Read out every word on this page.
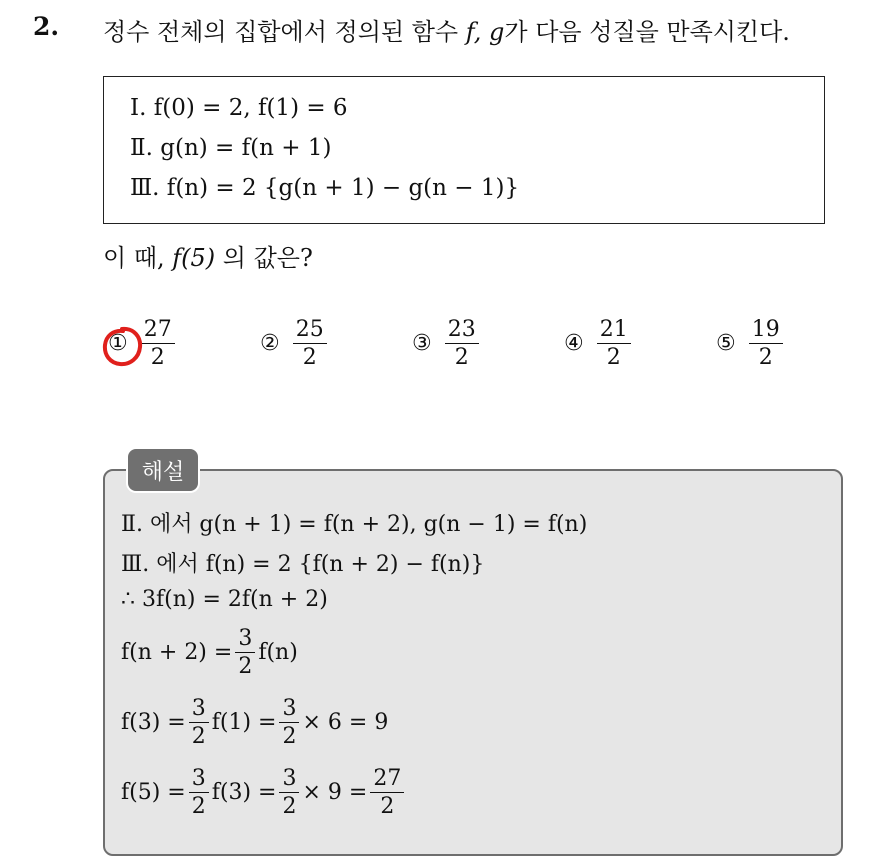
2. 정수 전체의 집합에서 정의된 함수 f, g가 다음 성질을 만족시킨다.
Ⅰ. f(0) = 2, f(1) = 6
Ⅱ. g(n) = f(n + 1)
Ⅲ. f(n) = 2 {g(n + 1) − g(n − 1)}
이 때, f(5) 의 값은?
① $\frac{27}{2}$	② $\frac{25}{2}$	③ $\frac{23}{2}$	④ $\frac{21}{2}$	⑤ $\frac{19}{2}$
Ⅱ. 에서 g(n + 1) = f(n + 2), g(n − 1) = f(n)
Ⅲ. 에서 f(n) = 2 {f(n + 2) − f(n)}
∴ 3f(n) = 2f(n + 2)
$f(n + 2) = \frac{3}{2} f(n)$
$f(3) = \frac{3}{2} f(1) = \frac{3}{2} \times 6 = 9$
$f(5) = \frac{3}{2} f(3) = \frac{3}{2} \times 9 = \frac{27}{2}$
해설
